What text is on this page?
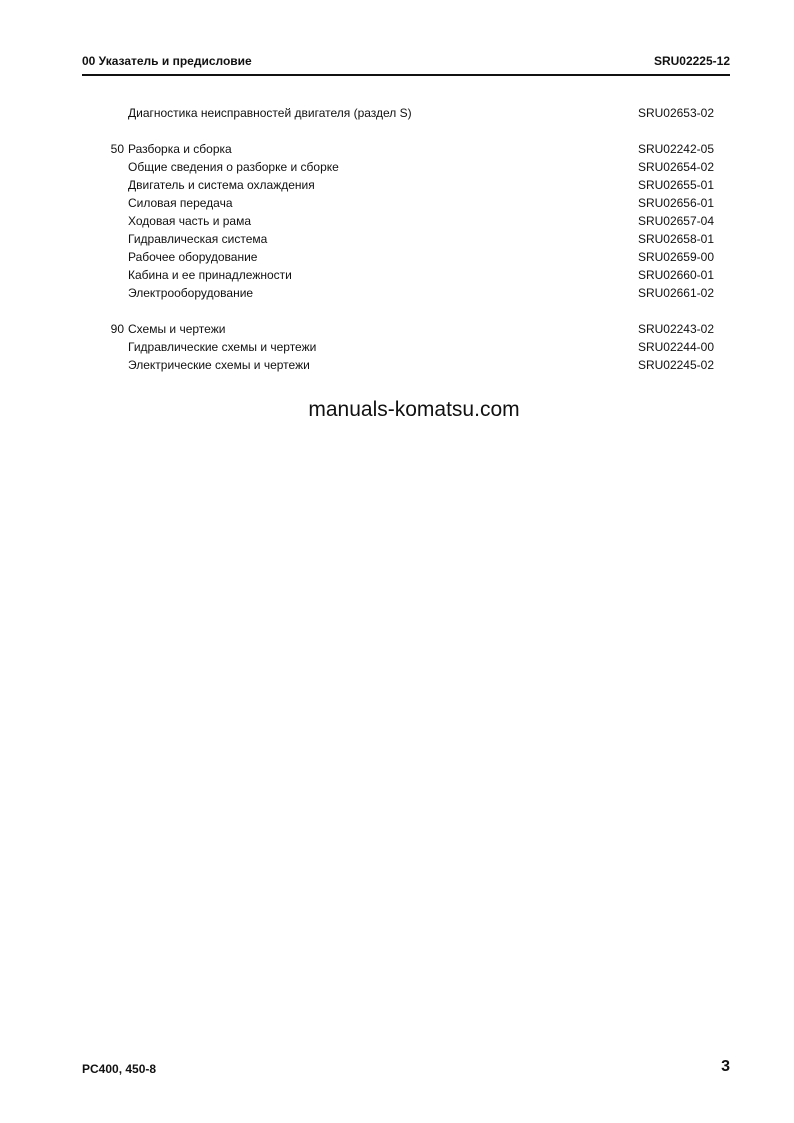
00 Указатель и предисловие	SRU02225-12
Диагностика неисправностей двигателя (раздел S)	SRU02653-02
50 Разборка и сборка	SRU02242-05
Общие сведения о разборке и сборке	SRU02654-02
Двигатель и система охлаждения	SRU02655-01
Силовая передача	SRU02656-01
Ходовая часть и рама	SRU02657-04
Гидравлическая система	SRU02658-01
Рабочее оборудование	SRU02659-00
Кабина и ее принадлежности	SRU02660-01
Электрооборудование	SRU02661-02
90 Схемы и чертежи	SRU02243-02
Гидравлические схемы и чертежи	SRU02244-00
Электрические схемы и чертежи	SRU02245-02
manuals-komatsu.com
PC400, 450-8	3
